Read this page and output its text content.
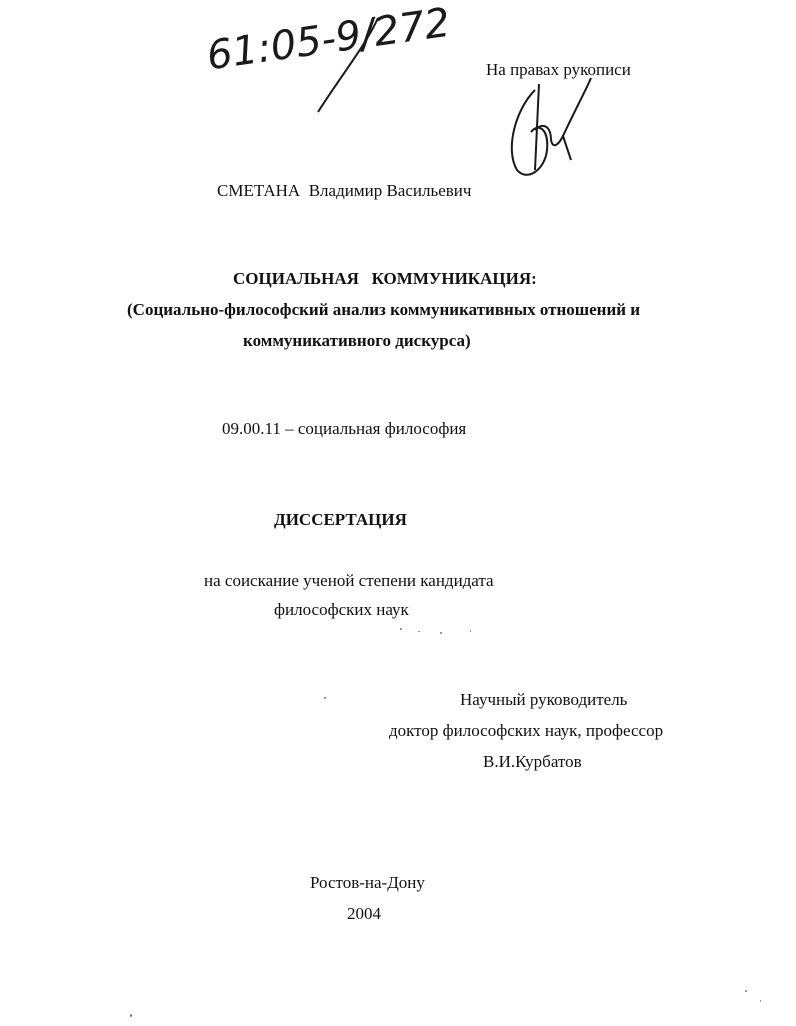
61:05-9/272 На правах рукописи
СМЕТАНА Владимир Васильевич
СОЦИАЛЬНАЯ   КОММУНИКАЦИЯ:
(Социально-философский анализ коммуникативных отношений и
коммуникативного дискурса)
09.00.11 – социальная философия
ДИССЕРТАЦИЯ
на соискание ученой степени кандидата
философских наук
Научный руководитель
доктор философских наук, профессор
В.И.Курбатов
Ростов-на-Дону
2004
